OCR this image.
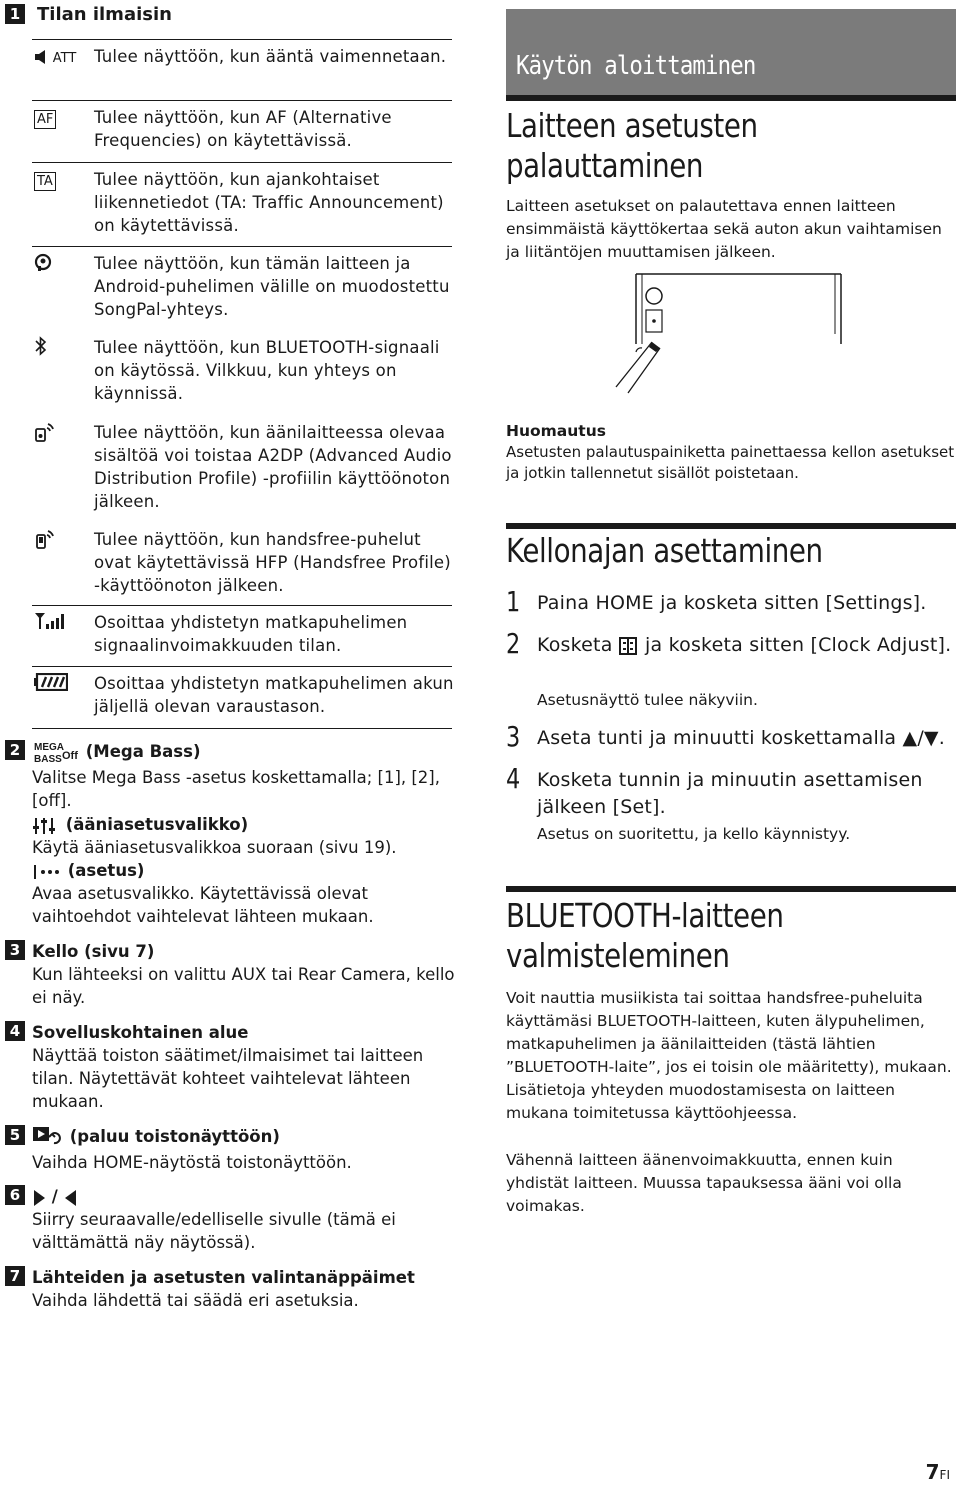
1 Tilan ilmaisin
ATT	Tulee näyttöön, kun ääntä vaimennetaan.
AF	Tulee näyttöön, kun AF (Alternative Frequencies) on käytettävissä.
TA	Tulee näyttöön, kun ajankohtaiset liikennetiedot (TA: Traffic Announcement) on käytettävissä.
Tulee näyttöön, kun tämän laitteen ja Android-puhelimen välille on muodostettu SongPal-yhteys.
Tulee näyttöön, kun BLUETOOTH-signaali on käytössä. Vilkkuu, kun yhteys on käynnissä.
Tulee näyttöön, kun äänilaitteessa olevaa sisältöä voi toistaa A2DP (Advanced Audio Distribution Profile) -profiilin käyttöönoton jälkeen.
Tulee näyttöön, kun handsfree-puhelut ovat käytettävissä HFP (Handsfree Profile) -käyttöönoton jälkeen.
Osoittaa yhdistetyn matkapuhelimen signaalinvoimakkuuden tilan.
Osoittaa yhdistetyn matkapuhelimen akun jäljellä olevan varaustason.
2	MEGA
BASS Off (Mega Bass)
Valitse Mega Bass -asetus koskettamalla; [1], [2], [off].
(ääniasetusvalikko)
Käytä ääniasetusvalikkoa suoraan (sivu 19).
(asetus)
Avaa asetusvalikko. Käytettävissä olevat vaihtoehdot vaihtelevat lähteen mukaan.
3 Kello (sivu 7)
Kun lähteeksi on valittu AUX tai Rear Camera, kello ei näy.
4 Sovelluskohtainen alue
Näyttää toiston säätimet/ilmaisimet tai laitteen tilan. Näytettävät kohteet vaihtelevat lähteen mukaan.
5	(paluu toistonäyttöön)
Vaihda HOME-näytöstä toistonäyttöön.
6	/
Siirry seuraavalle/edelliselle sivulle (tämä ei välttämättä näy näytössä).
7 Lähteiden ja asetusten valintanäppäimet
Vaihda lähdettä tai säädä eri asetuksia.
Käytön aloittaminen
Laitteen asetusten
palauttaminen
Laitteen asetukset on palautettava ennen laitteen ensimmäistä käyttökertaa sekä auton akun vaihtamisen ja liitäntöjen muuttamisen jälkeen.
Huomautus
Asetusten palautuspainiketta painettaessa kellon asetukset ja jotkin tallennetut sisällöt poistetaan.
Kellonajan asettaminen
1 Paina HOME ja kosketa sitten [Settings].
2 Kosketa ja kosketa sitten [Clock Adjust].
Asetusnäyttö tulee näkyviin.
3 Aseta tunti ja minuutti koskettamalla ▲/▼.
4 Kosketa tunnin ja minuutin asettamisen jälkeen [Set].
Asetus on suoritettu, ja kello käynnistyy.
BLUETOOTH-laitteen
valmisteleminen
Voit nauttia musiikista tai soittaa handsfree-puheluita käyttämäsi BLUETOOTH-laitteen, kuten älypuhelimen, matkapuhelimen ja äänilaitteiden (tästä lähtien ”BLUETOOTH-laite”, jos ei toisin ole määritetty), mukaan. Lisätietoja yhteyden muodostamisesta on laitteen mukana toimitetussa käyttöohjeessa.
Vähennä laitteen äänenvoimakkuutta, ennen kuin yhdistät laitteen. Muussa tapauksessa ääni voi olla voimakas.
7FI
